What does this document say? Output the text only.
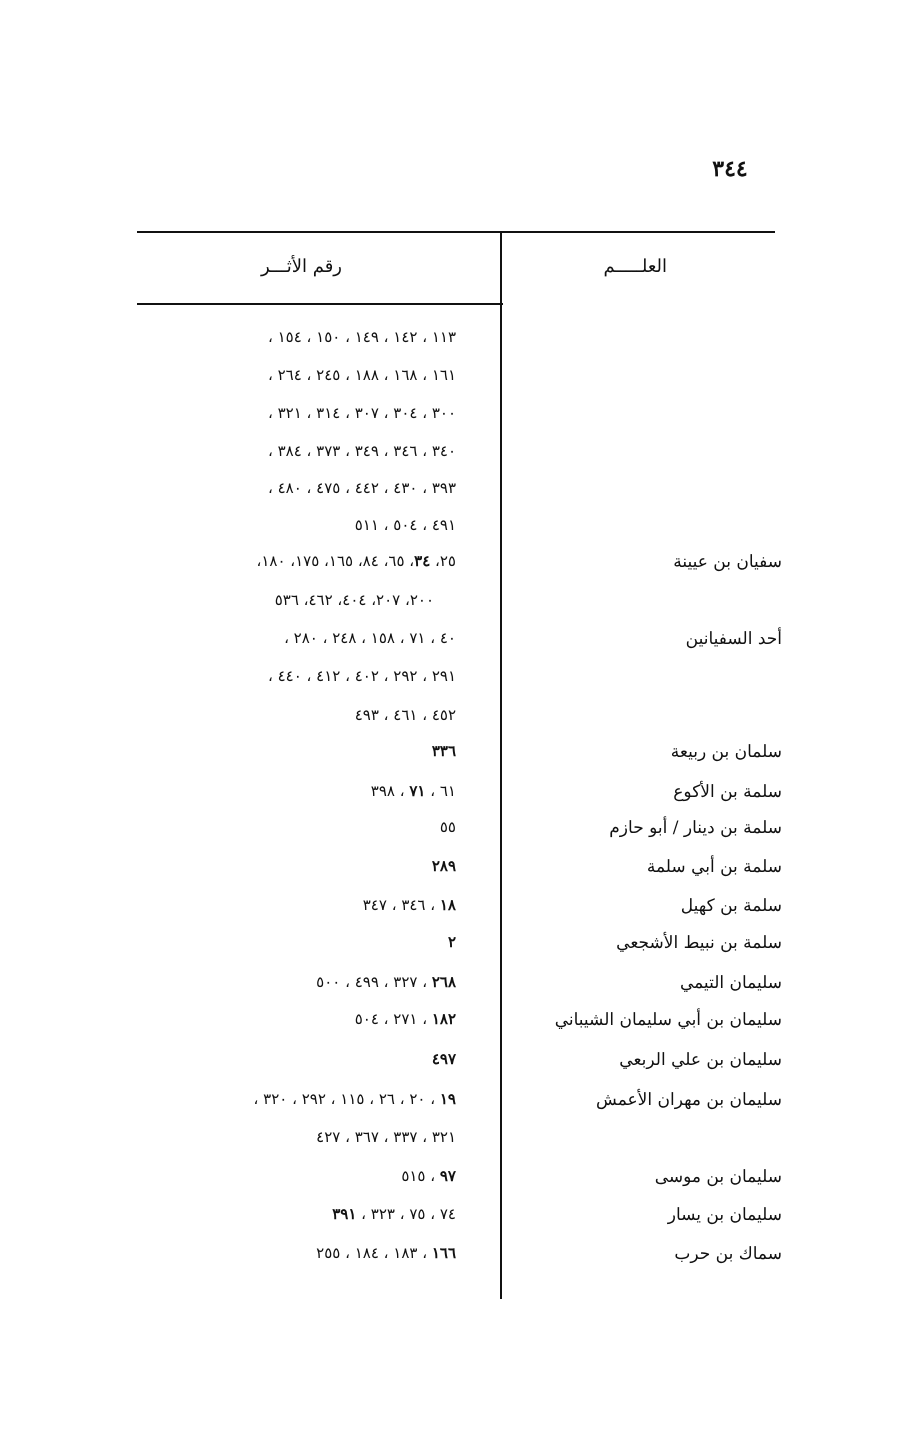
٣٤٤
العلـــــم
رقم الأثـــر
١١٣ ، ١٤٢ ، ١٤٩ ، ١٥٠ ، ١٥٤ ،
١٦١ ، ١٦٨ ، ١٨٨ ، ٢٤٥ ، ٢٦٤ ،
٣٠٠ ، ٣٠٤ ، ٣٠٧ ، ٣١٤ ، ٣٢١ ،
٣٤٠ ، ٣٤٦ ، ٣٤٩ ، ٣٧٣ ، ٣٨٤ ،
٣٩٣ ، ٤٣٠ ، ٤٤٢ ، ٤٧٥ ، ٤٨٠ ،
٤٩١ ، ٥٠٤ ، ٥١١
سفيان بن عيينة
٢٥، ٣٤، ٦٥، ٨٤، ١٦٥، ١٧٥، ١٨٠،
٢٠٠، ٢٠٧، ٤٠٤، ٤٦٢، ٥٣٦
أحد السفيانين
٤٠ ، ٧١ ، ١٥٨ ، ٢٤٨ ، ٢٨٠ ،
٢٩١ ، ٢٩٢ ، ٤٠٢ ، ٤١٢ ، ٤٤٠ ،
٤٥٢ ، ٤٦١ ، ٤٩٣
سلمان بن ربيعة
٣٣٦
سلمة بن الأكوع
٦١ ، ٧١ ، ٣٩٨
سلمة بن دينار / أبو حازم
٥٥
سلمة بن أبي سلمة
٢٨٩
سلمة بن كهيل
١٨ ، ٣٤٦ ، ٣٤٧
سلمة بن نبيط الأشجعي
٢
سليمان التيمي
٢٦٨ ، ٣٢٧ ، ٤٩٩ ، ٥٠٠
سليمان بن أبي سليمان الشيباني
١٨٢ ، ٢٧١ ، ٥٠٤
سليمان بن علي الربعي
٤٩٧
سليمان بن مهران الأعمش
١٩ ، ٢٠ ، ٢٦ ، ١١٥ ، ٢٩٢ ، ٣٢٠ ،
٣٢١ ، ٣٣٧ ، ٣٦٧ ، ٤٢٧
سليمان بن موسى
٩٧ ، ٥١٥
سليمان بن يسار
٧٤ ، ٧٥ ، ٣٢٣ ، ٣٩١
سماك بن حرب
١٦٦ ، ١٨٣ ، ١٨٤ ، ٢٥٥
